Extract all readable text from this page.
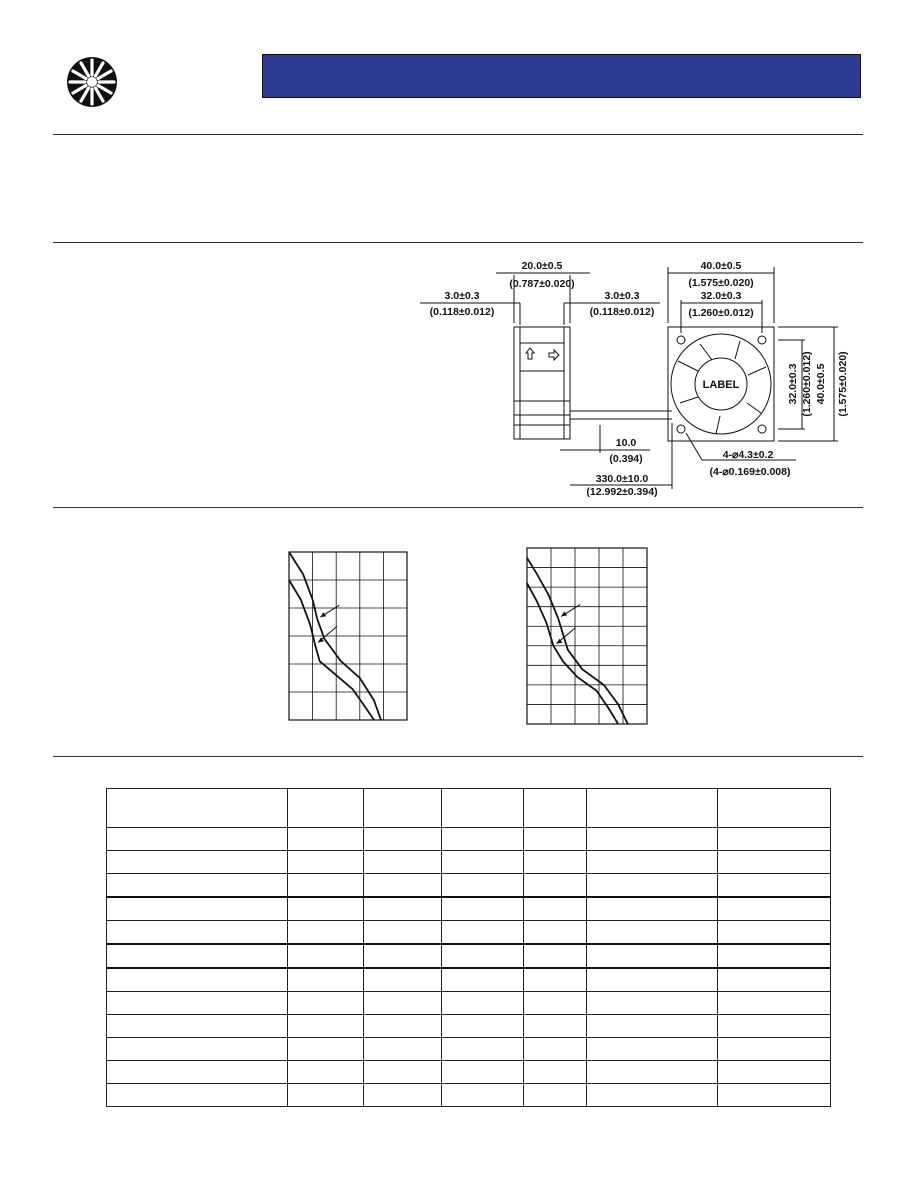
20.0±0.5
(0.787±0.020)
3.0±0.3
(0.118±0.012)
3.0±0.3
(0.118±0.012)
40.0±0.5
(1.575±0.020)
32.0±0.3
(1.260±0.012)
LABEL
4-⌀4.3±0.2
(4-⌀0.169±0.008)
10.0
(0.394)
330.0±10.0
(12.992±0.394)
32.0±0.3 (1.260±0.012) 40.0±0.5 (1.575±0.020)
